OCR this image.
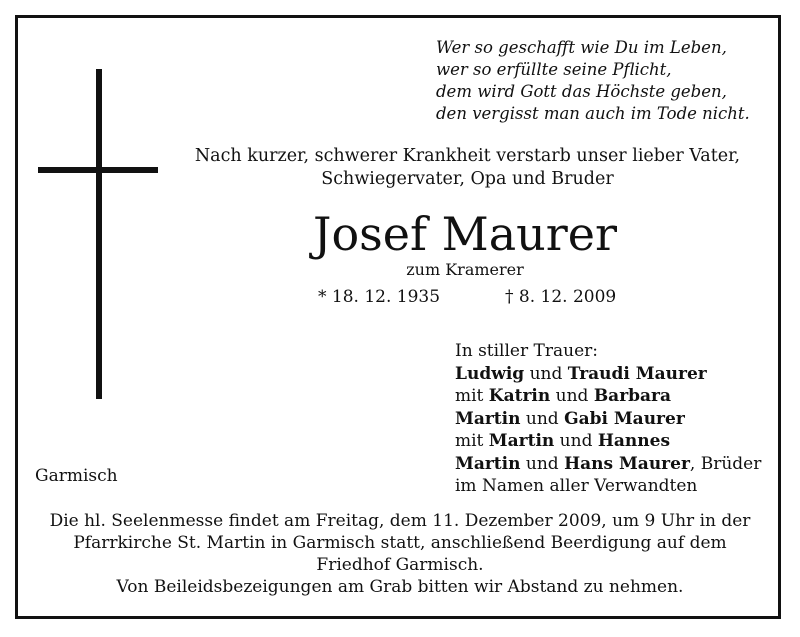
Wer so geschafft wie Du im Leben,
wer so erfüllte seine Pflicht,
dem wird Gott das Höchste geben,
den vergisst man auch im Tode nicht.
Nach kurzer, schwerer Krankheit verstarb unser lieber Vater,
Schwiegervater, Opa und Bruder
Josef Maurer
zum Kramerer
* 18. 12. 1935	† 8. 12. 2009
In stiller Trauer:
Ludwig und Traudi Maurer
mit Katrin und Barbara
Martin und Gabi Maurer
mit Martin und Hannes
Martin und Hans Maurer, Brüder
im Namen aller Verwandten
Garmisch
Die hl. Seelenmesse findet am Freitag, dem 11. Dezember 2009, um 9 Uhr in der
Pfarrkirche St. Martin in Garmisch statt, anschließend Beerdigung auf dem
Friedhof Garmisch.
Von Beileidsbezeigungen am Grab bitten wir Abstand zu nehmen.
